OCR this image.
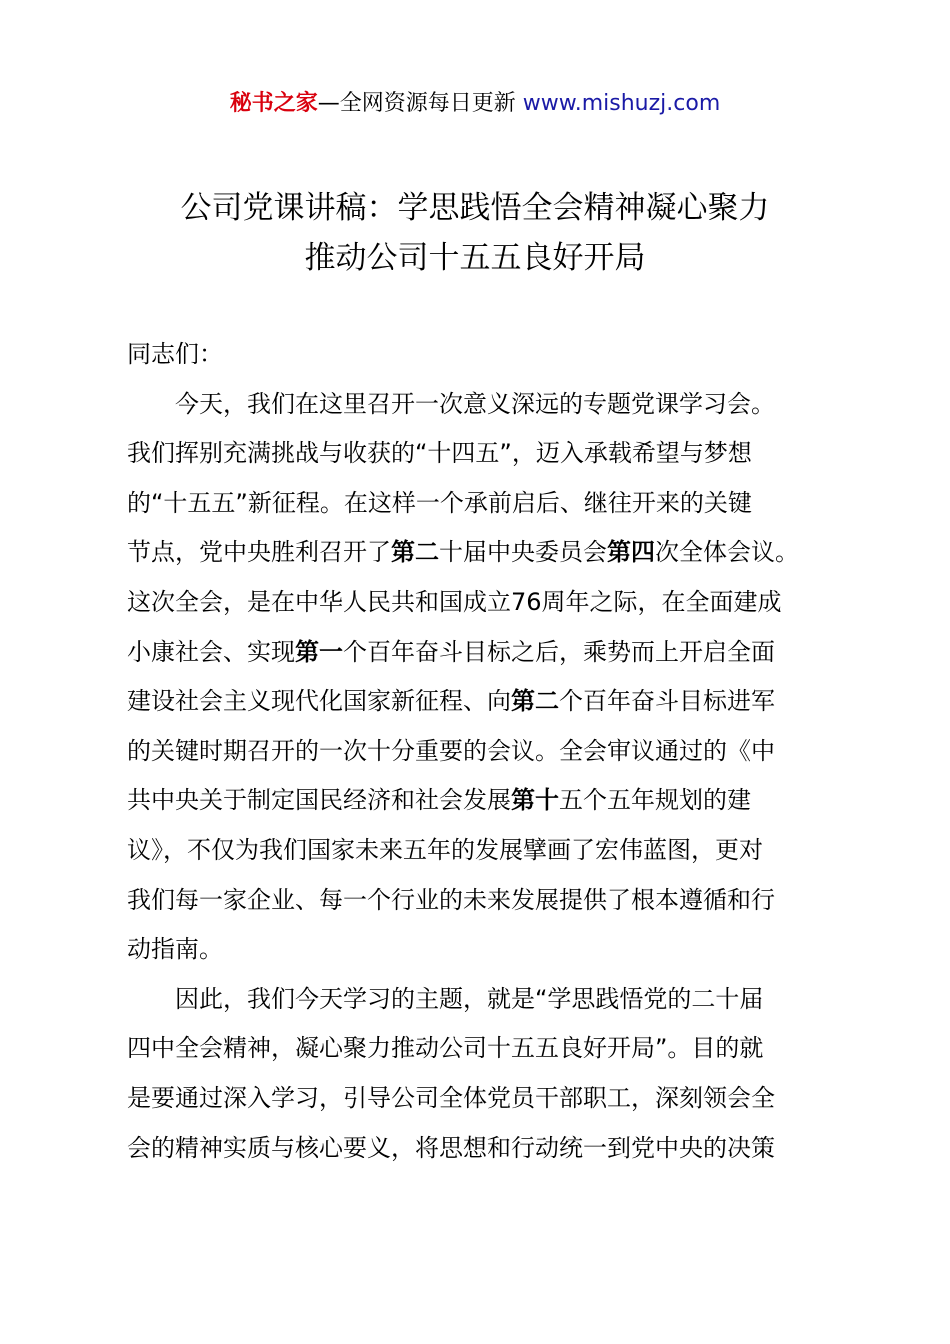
秘书之家—全网资源每日更新 www.mishuzj.com
公司党课讲稿：学思践悟全会精神凝心聚力
推动公司十五五良好开局
同志们：
今天，我们在这里召开一次意义深远的专题党课学习会。
我们挥别充满挑战与收获的“十四五”，迈入承载希望与梦想
的“十五五”新征程。在这样一个承前启后、继往开来的关键
节点，党中央胜利召开了第二十届中央委员会第四次全体会议。
这次全会，是在中华人民共和国成立76周年之际，在全面建成
小康社会、实现第一个百年奋斗目标之后，乘势而上开启全面
建设社会主义现代化国家新征程、向第二个百年奋斗目标进军
的关键时期召开的一次十分重要的会议。全会审议通过的《中
共中央关于制定国民经济和社会发展第十五个五年规划的建
议》，不仅为我们国家未来五年的发展擘画了宏伟蓝图，更对
我们每一家企业、每一个行业的未来发展提供了根本遵循和行
动指南。
因此，我们今天学习的主题，就是“学思践悟党的二十届
四中全会精神，凝心聚力推动公司十五五良好开局”。目的就
是要通过深入学习，引导公司全体党员干部职工，深刻领会全
会的精神实质与核心要义，将思想和行动统一到党中央的决策
